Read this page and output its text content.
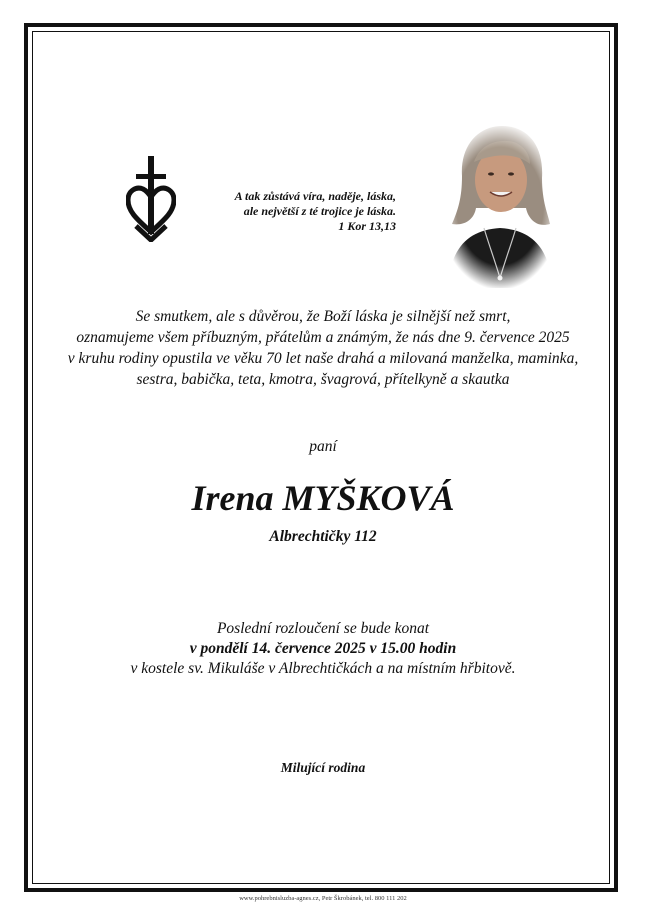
A tak zůstává víra, naděje, láska,
ale největší z té trojice je láska.
1 Kor 13,13
Se smutkem, ale s důvěrou, že Boží láska je silnější než smrt,
oznamujeme všem příbuzným, přátelům a známým, že nás dne 9. července 2025
v kruhu rodiny opustila ve věku 70 let naše drahá a milovaná manželka, maminka,
sestra, babička, teta, kmotra, švagrová, přítelkyně a skautka
paní
Irena MYŠKOVÁ
Albrechtičky 112
Poslední rozloučení se bude konat
v pondělí 14. července 2025 v 15.00 hodin
v kostele sv. Mikuláše v Albrechtičkách a na místním hřbitově.
Milující rodina
www.pohrebnisluzba-agnes.cz, Petr Škrobánek, tel. 800 111 202
